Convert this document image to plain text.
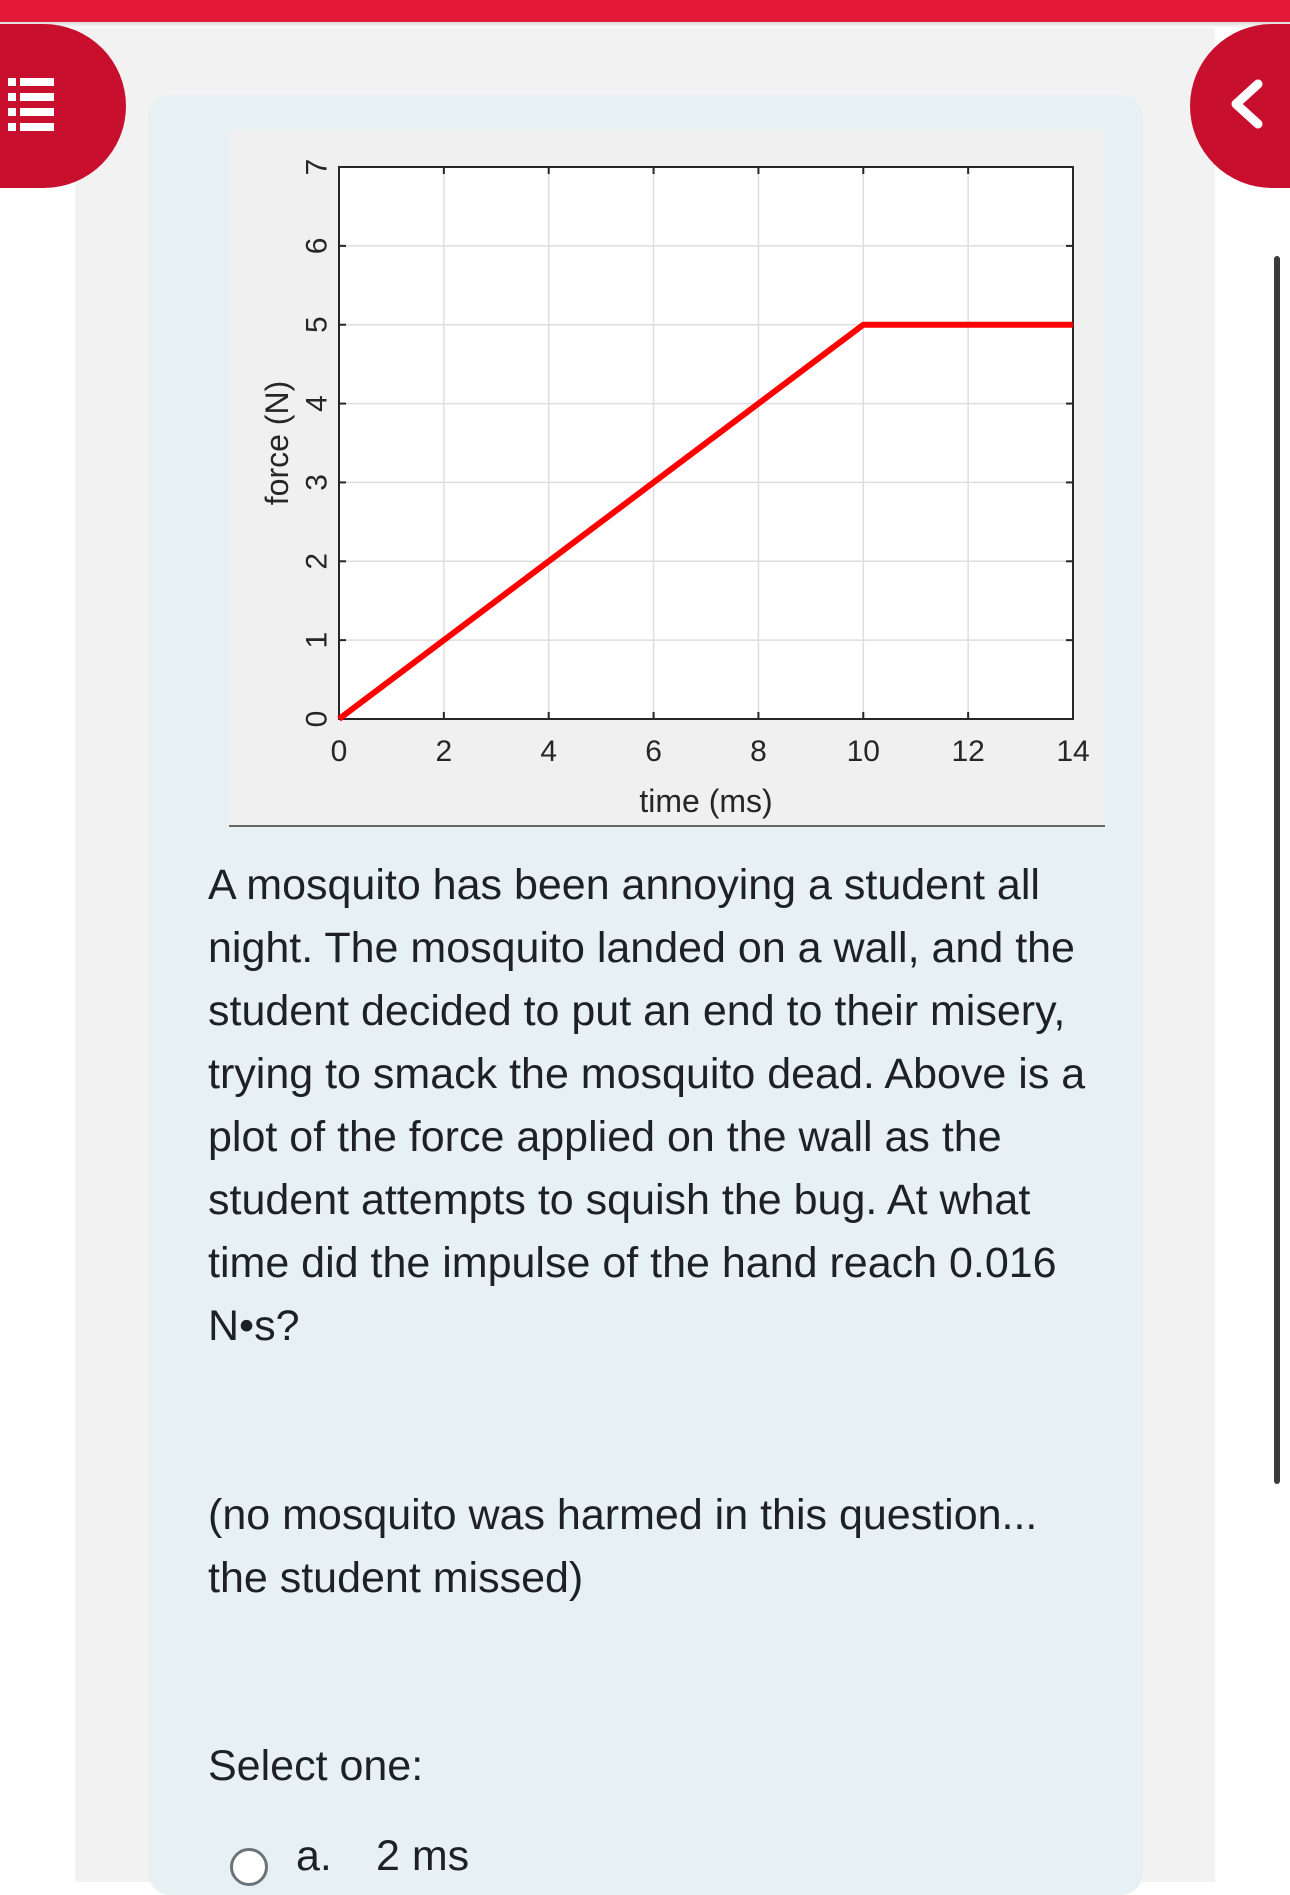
0	2	4	6	8	10 12 14
0
1
2
3
4
5
6
7
time (ms)
force (N)

A mosquito has been annoying a student all night. The mosquito landed on a wall, and the student decided to put an end to their misery, trying to smack the mosquito dead. Above is a plot of the force applied on the wall as the student attempts to squish the bug. At what time did the impulse of the hand reach 0.016 N•s?

(no mosquito was harmed in this question... the student missed)

Select one:
a. 2 ms
